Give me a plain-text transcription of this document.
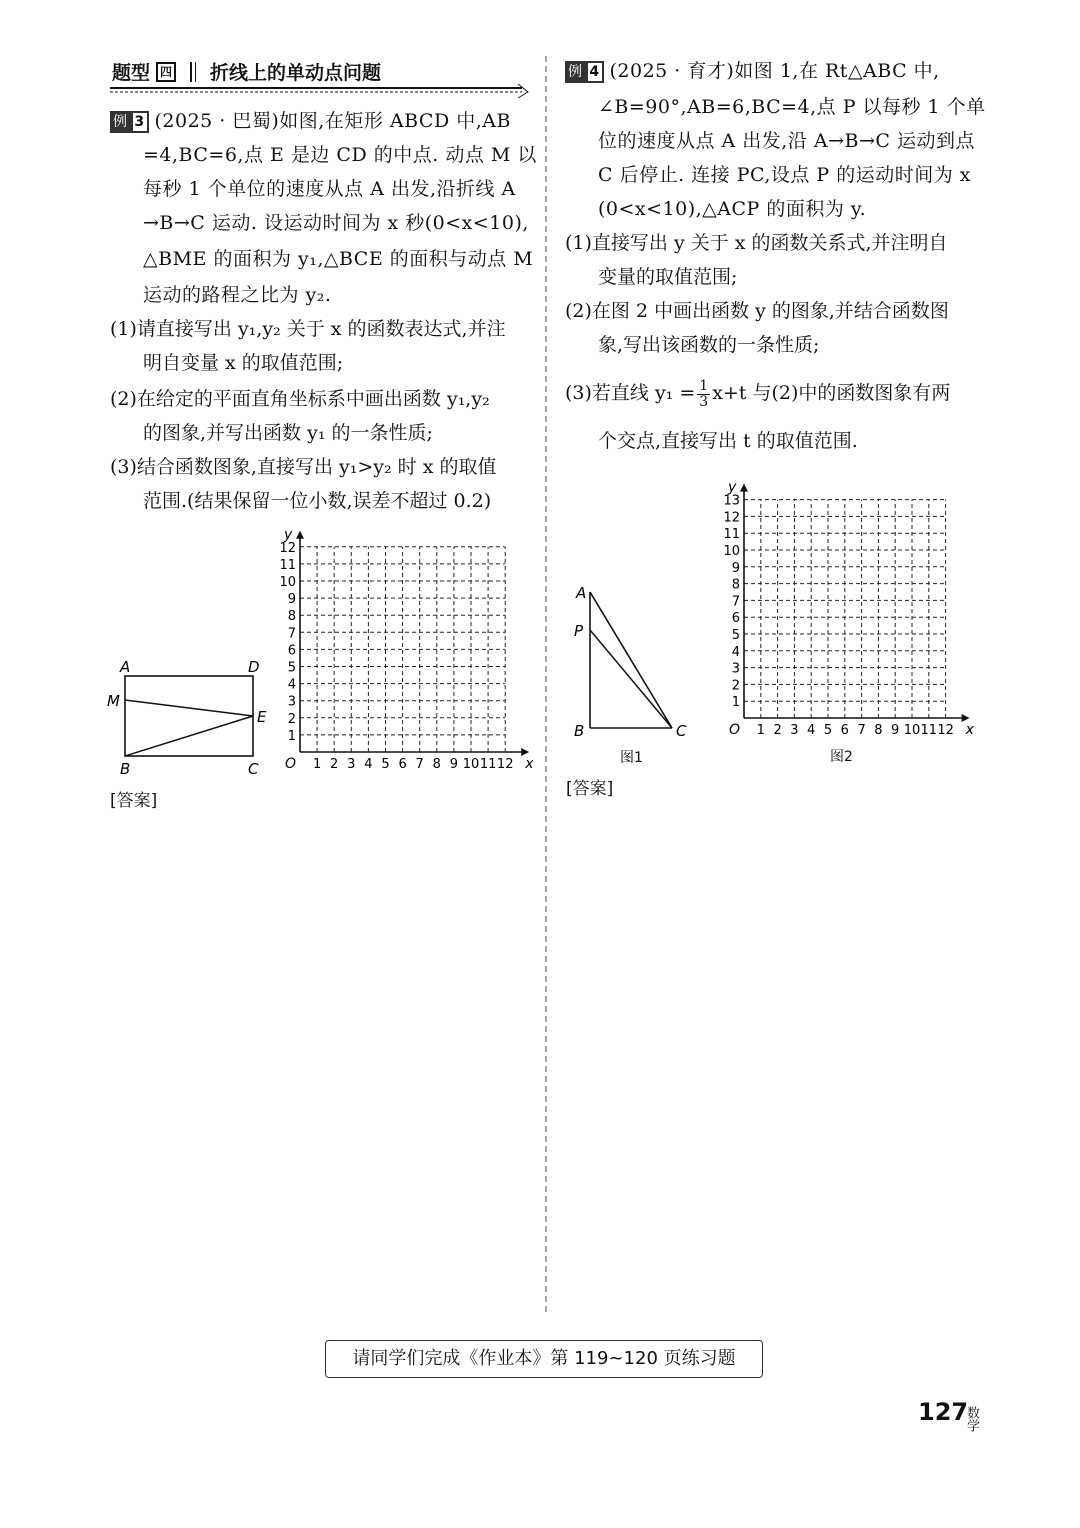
题型 四 折线上的单动点问题
例 3 (2025 · 巴蜀)如图,在矩形 ABCD 中,AB
=4,BC=6,点 E 是边 CD 的中点. 动点 M 以
每秒 1 个单位的速度从点 A 出发,沿折线 A
→B→C 运动. 设运动时间为 x 秒(0<x<10),
△BME 的面积为 y₁,△BCE 的面积与动点 M
运动的路程之比为 y₂.
(1)请直接写出 y₁,y₂ 关于 x 的函数表达式,并注
明自变量 x 的取值范围;
(2)在给定的平面直角坐标系中画出函数 y₁,y₂
的图象,并写出函数 y₁ 的一条性质;
(3)结合函数图象,直接写出 y₁>y₂ 时 x 的取值
范围.(结果保留一位小数,误差不超过 0.2)
A	D
M
E
B	C	1 2 3 4 5 6 7 8 9 10 11 12
1
2
3
4
5
6
7
8
9
10
11
12
O	x
y
[答案]
例 4 (2025 · 育才)如图 1,在 Rt△ABC 中,
∠B=90°,AB=6,BC=4,点 P 以每秒 1 个单
位的速度从点 A 出发,沿 A→B→C 运动到点
C 后停止. 连接 PC,设点 P 的运动时间为 x
(0<x<10),△ACP 的面积为 y.
(1)直接写出 y 关于 x 的函数关系式,并注明自
变量的取值范围;
(2)在图 2 中画出函数 y 的图象,并结合函数图
象,写出该函数的一条性质;
(3)若直线 $y_1 = \frac{1}{3} x+t$ 与(2)中的函数图象有两
个交点,直接写出 t 的取值范围.
A
P
B	C
图1
1 2 3 4 5 6 7 8 9 10 11 12
1
2
3
4
5
6
7
8
9
10
11
12
13
O	x
y
图2
[答案]
请同学们完成《作业本》第 119~120 页练习题
127
数学
